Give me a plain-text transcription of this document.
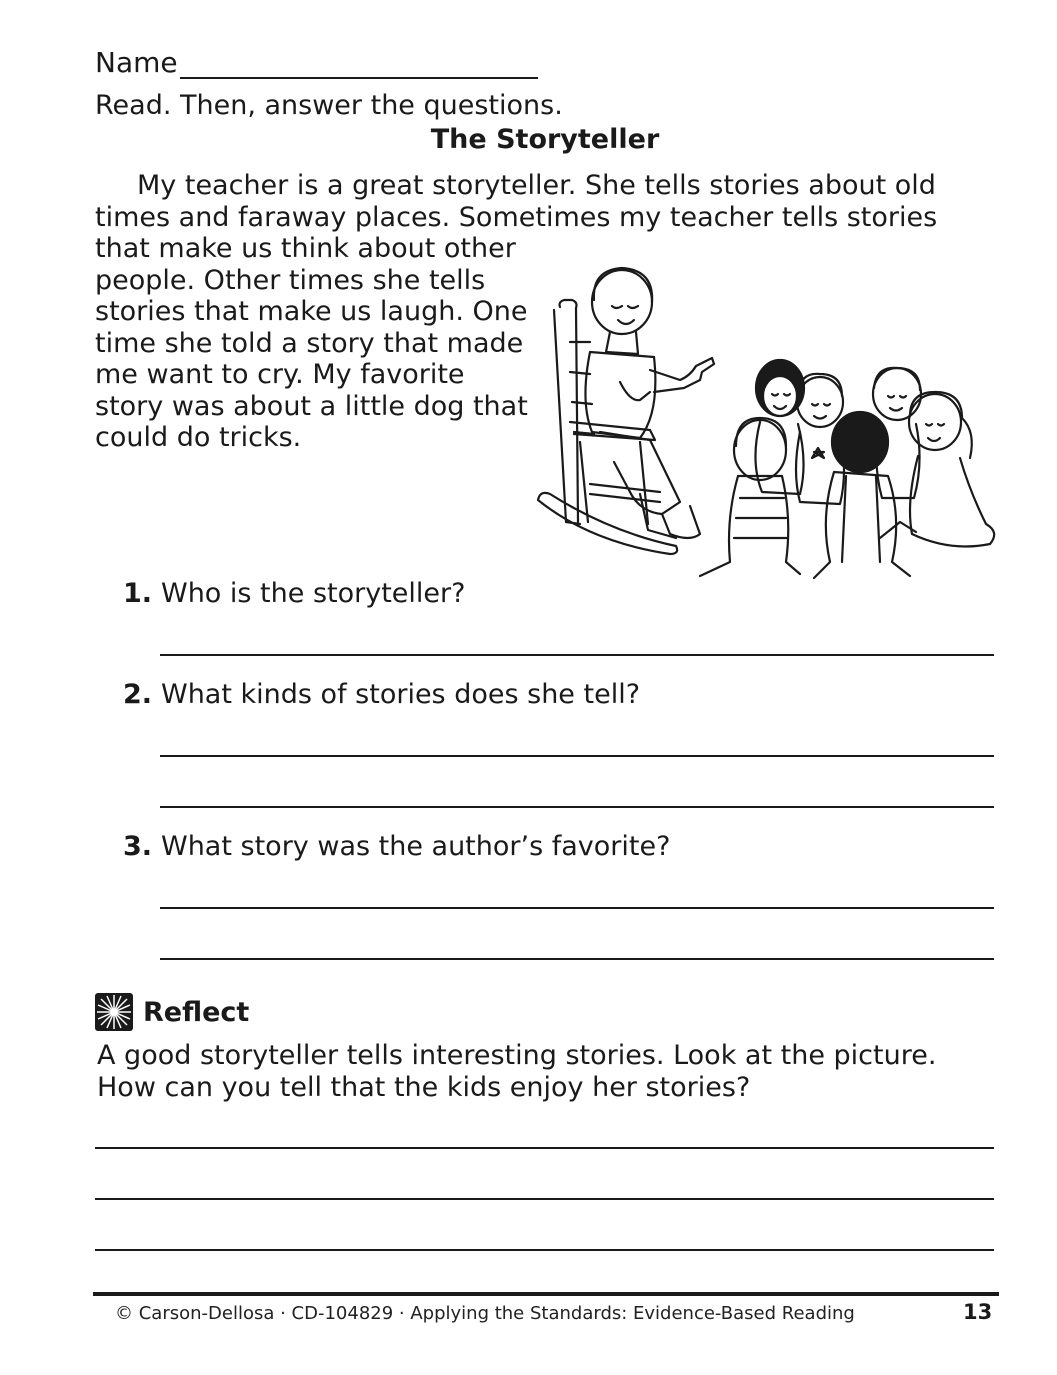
Name
Read. Then, answer the questions.
The Storyteller
My teacher is a great storyteller. She tells stories about old times and faraway places. Sometimes my teacher tells stories
that make us think about other people. Other times she tells stories that make us laugh. One time she told a story that made me want to cry. My favorite story was about a little dog that could do tricks.
1. Who is the storyteller?
2. What kinds of stories does she tell?
3. What story was the author’s favorite?
Reflect
A good storyteller tells interesting stories. Look at the picture. How can you tell that the kids enjoy her stories?
© Carson-Dellosa · CD-104829 · Applying the Standards: Evidence-Based Reading	13
